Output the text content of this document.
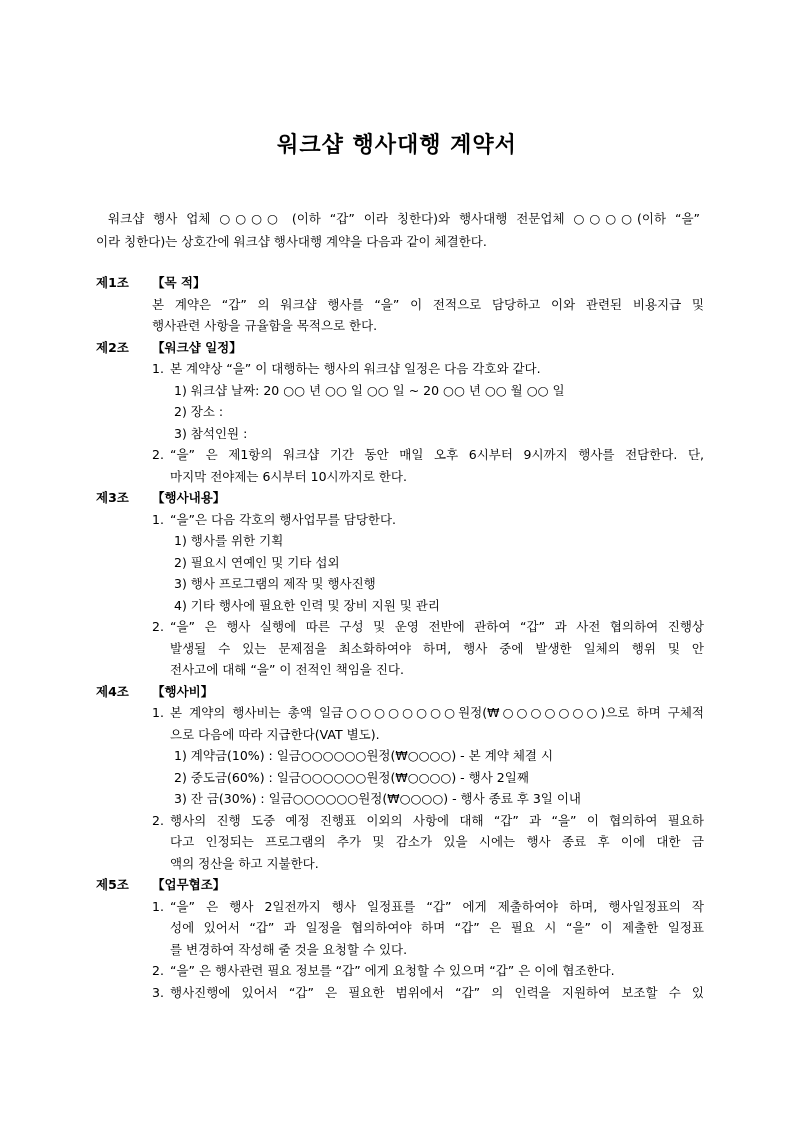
워크샵 행사대행 계약서
워크샵 행사 업체 ○○○○ (이하 “갑” 이라 칭한다)와 행사대행 전문업체 ○○○○(이하 “을”
이라 칭한다)는 상호간에 워크샵 행사대행 계약을 다음과 같이 체결한다.
제1조 【목 적】
본 계약은 “갑” 의 워크샵 행사를 “을” 이 전적으로 담당하고 이와 관련된 비용지급 및
행사관련 사항을 규율함을 목적으로 한다.
제2조 【워크샵 일정】
1. 본 계약상 “을” 이 대행하는 행사의 워크샵 일정은 다음 각호와 같다.
1) 워크샵 날짜: 20 ○○ 년 ○○ 일 ○○ 일 ~ 20 ○○ 년 ○○ 월 ○○ 일
2) 장소 :
3) 참석인원 :
2. “을” 은 제1항의 워크샵 기간 동안 매일 오후 6시부터 9시까지 행사를 전담한다. 단,
마지막 전야제는 6시부터 10시까지로 한다.
제3조 【행사내용】
1. “을”은 다음 각호의 행사업무를 담당한다.
1) 행사를 위한 기획
2) 필요시 연예인 및 기타 섭외
3) 행사 프로그램의 제작 및 행사진행
4) 기타 행사에 필요한 인력 및 장비 지원 및 관리
2. “을” 은 행사 실행에 따른 구성 및 운영 전반에 관하여 “갑” 과 사전 협의하여 진행상
발생될 수 있는 문제점을 최소화하여야 하며, 행사 중에 발생한 일체의 행위 및 안
전사고에 대해 “을” 이 전적인 책임을 진다.
제4조 【행사비】
1. 본 계약의 행사비는 총액 일금○○○○○○○○원정(₩○○○○○○○)으로 하며 구체적
으로 다음에 따라 지급한다(VAT 별도).
1) 계약금(10%) : 일금○○○○○○원정(₩○○○○) - 본 계약 체결 시
2) 중도금(60%) : 일금○○○○○○원정(₩○○○○) - 행사 2일째
3) 잔 금(30%) : 일금○○○○○○원정(₩○○○○) - 행사 종료 후 3일 이내
2. 행사의 진행 도중 예정 진행표 이외의 사항에 대해 “갑” 과 “을” 이 협의하여 필요하
다고 인정되는 프로그램의 추가 및 감소가 있을 시에는 행사 종료 후 이에 대한 금
액의 정산을 하고 지불한다.
제5조 【업무협조】
1. “을” 은 행사 2일전까지 행사 일정표를 “갑” 에게 제출하여야 하며, 행사일정표의 작
성에 있어서 “갑” 과 일정을 협의하여야 하며 “갑” 은 필요 시 “을” 이 제출한 일정표
를 변경하여 작성해 줄 것을 요청할 수 있다.
2. “을” 은 행사관련 필요 정보를 “갑” 에게 요청할 수 있으며 “갑” 은 이에 협조한다.
3. 행사진행에 있어서 “갑” 은 필요한 범위에서 “갑” 의 인력을 지원하여 보조할 수 있
